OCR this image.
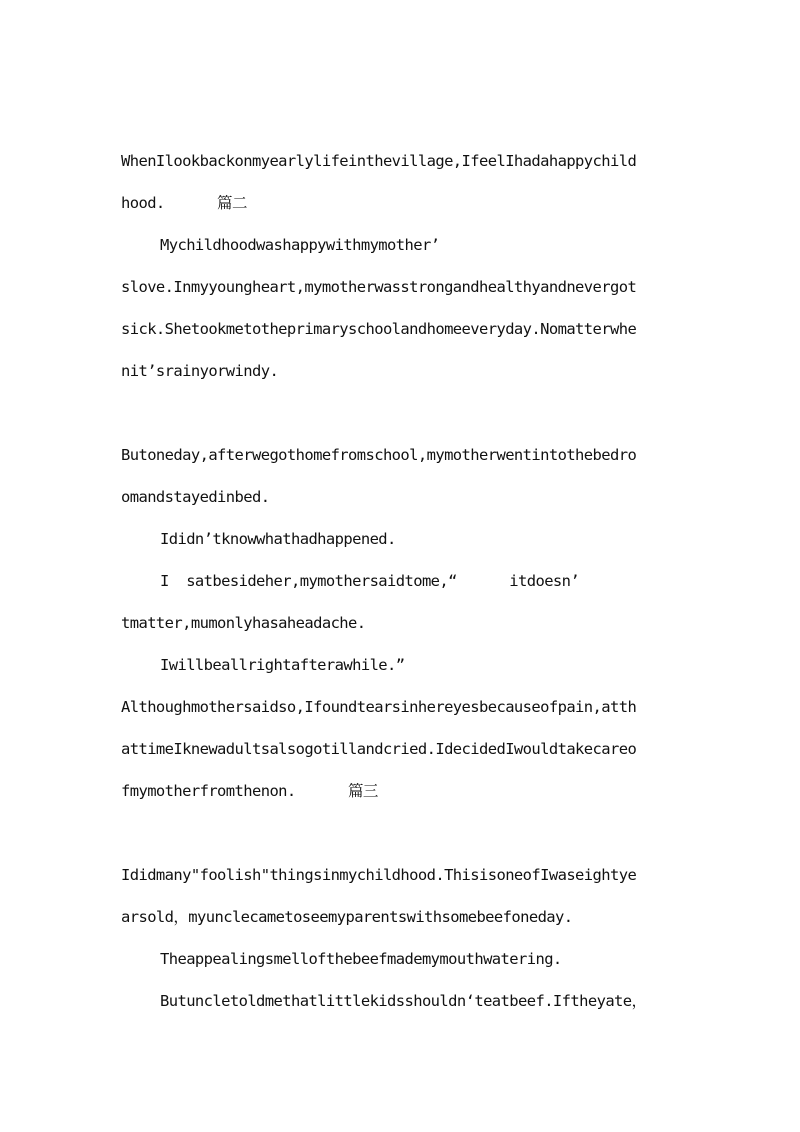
WhenIlookbackonmyearlylifeinthevillage,IfeelIhadahappychild
hood.      篇二
Mychildhoodwashappywithmymother’
slove.Inmyyoungheart,mymotherwasstrongandhealthyandnevergot
sick.Shetookmetotheprimaryschoolandhomeeveryday.Nomatterwhe
nit’srainyorwindy.
Butoneday,afterwegothomefromschool,mymotherwentintothebedro
omandstayedinbed.
Ididn’tknowwhathadhappened.
I  satbesideher,mymothersaidtome,“      itdoesn’
tmatter,mumonlyhasaheadache.
Iwillbeallrightafterawhile.”
Althoughmothersaidso,Ifoundtearsinhereyesbecauseofpain,atth
attimeIknewadultsalsogotillandcried.IdecidedIwouldtakecareo
fmymotherfromthenon.      篇三
Ididmany"foolish"thingsinmychildhood.ThisisoneofIwaseightye
arsold，myunclecametoseemyparentswithsomebeefoneday.
Theappealingsmellofthebeefmademymouthwatering.
Butuncletoldmethatlittlekidsshouldn‘teatbeef.Iftheyate，
